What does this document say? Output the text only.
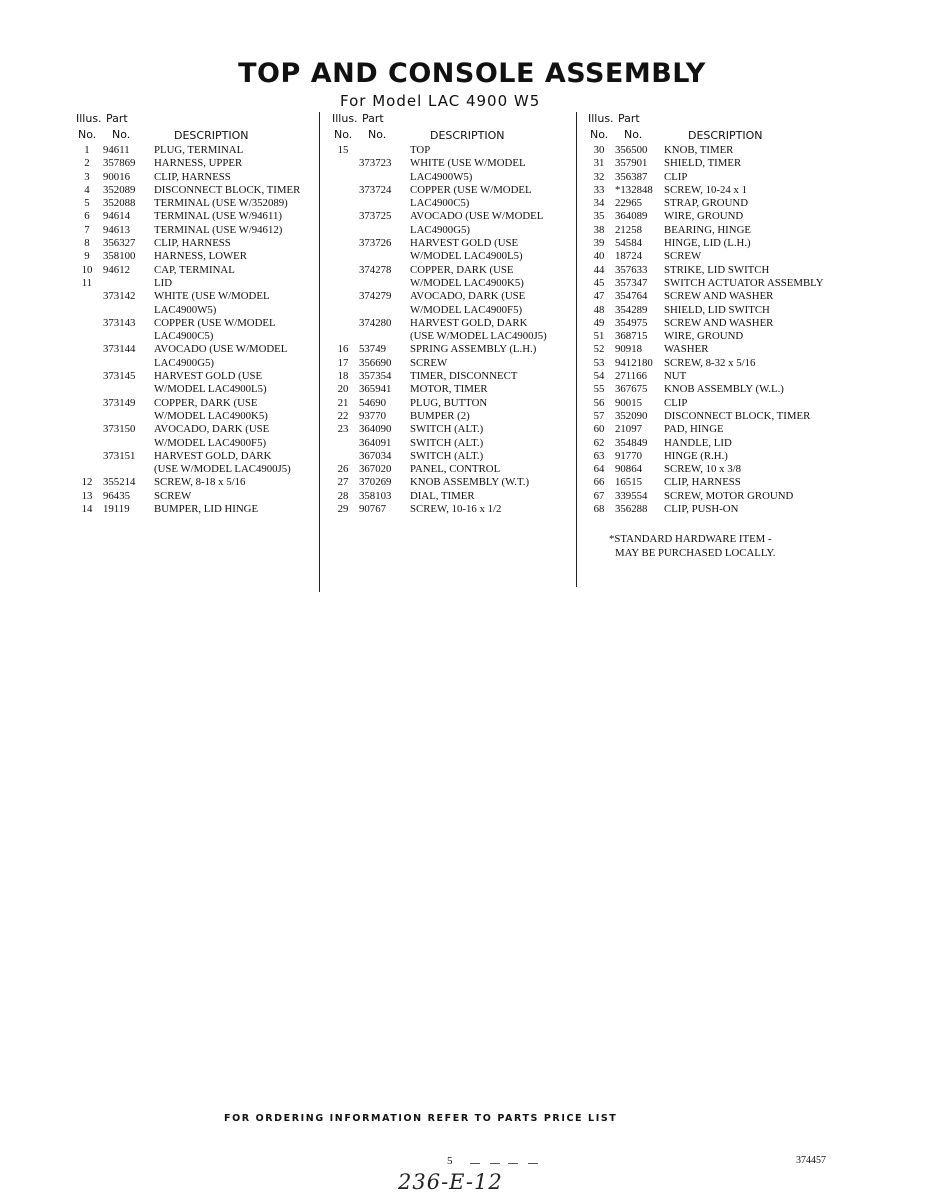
TOP AND CONSOLE ASSEMBLY
For Model LAC 4900 W5
Illus. Part
No. No.	DESCRIPTION
1	94611 PLUG, TERMINAL
2	357869 HARNESS, UPPER
3	90016 CLIP, HARNESS
4	352089 DISCONNECT BLOCK, TIMER
5	352088 TERMINAL (USE W/352089)
6	94614 TERMINAL (USE W/94611)
7	94613 TERMINAL (USE W/94612)
8	356327 CLIP, HARNESS
9	358100 HARNESS, LOWER
10 94612 CAP, TERMINAL
11	LID
373142 WHITE (USE W/MODEL
LAC4900W5)
373143 COPPER (USE W/MODEL
LAC4900C5)
373144 AVOCADO (USE W/MODEL
LAC4900G5)
373145 HARVEST GOLD (USE
W/MODEL LAC4900L5)
373149 COPPER, DARK (USE
W/MODEL LAC4900K5)
373150 AVOCADO, DARK (USE
W/MODEL LAC4900F5)
373151 HARVEST GOLD, DARK
(USE W/MODEL LAC4900J5)
12 355214 SCREW, 8-18 x 5/16
13 96435 SCREW
14 19119 BUMPER, LID HINGE
Illus. Part
No. No.	DESCRIPTION
15	TOP
373723 WHITE (USE W/MODEL
LAC4900W5)
373724 COPPER (USE W/MODEL
LAC4900C5)
373725 AVOCADO (USE W/MODEL
LAC4900G5)
373726 HARVEST GOLD (USE
W/MODEL LAC4900L5)
374278 COPPER, DARK (USE
W/MODEL LAC4900K5)
374279 AVOCADO, DARK (USE
W/MODEL LAC4900F5)
374280 HARVEST GOLD, DARK
(USE W/MODEL LAC4900J5)
16 53749 SPRING ASSEMBLY (L.H.)
17 356690 SCREW
18 357354 TIMER, DISCONNECT
20 365941 MOTOR, TIMER
21 54690 PLUG, BUTTON
22 93770 BUMPER (2)
23 364090 SWITCH (ALT.)
364091 SWITCH (ALT.)
367034 SWITCH (ALT.)
26 367020 PANEL, CONTROL
27 370269 KNOB ASSEMBLY (W.T.)
28 358103 DIAL, TIMER
29 90767 SCREW, 10-16 x 1/2
Illus. Part
No. No.	DESCRIPTION
30 356500 KNOB, TIMER
31 357901 SHIELD, TIMER
32 356387 CLIP
33 *132848 SCREW, 10-24 x 1
34 22965 STRAP, GROUND
35 364089 WIRE, GROUND
38 21258 BEARING, HINGE
39 54584 HINGE, LID (L.H.)
40 18724 SCREW
44 357633 STRIKE, LID SWITCH
45 357347 SWITCH ACTUATOR ASSEMBLY
47 354764 SCREW AND WASHER
48 354289 SHIELD, LID SWITCH
49 354975 SCREW AND WASHER
51 368715 WIRE, GROUND
52 90918 WASHER
53 9412180 SCREW, 8-32 x 5/16
54 271166 NUT
55 367675 KNOB ASSEMBLY (W.L.)
56 90015 CLIP
57 352090 DISCONNECT BLOCK, TIMER
60 21097 PAD, HINGE
62 354849 HANDLE, LID
63 91770 HINGE (R.H.)
64 90864 SCREW, 10 x 3/8
66 16515 CLIP, HARNESS
67 339554 SCREW, MOTOR GROUND
68 356288 CLIP, PUSH-ON
*STANDARD HARDWARE ITEM -
MAY BE PURCHASED LOCALLY.
FOR ORDERING INFORMATION REFER TO PARTS PRICE LIST
5	374457
236-E-12
